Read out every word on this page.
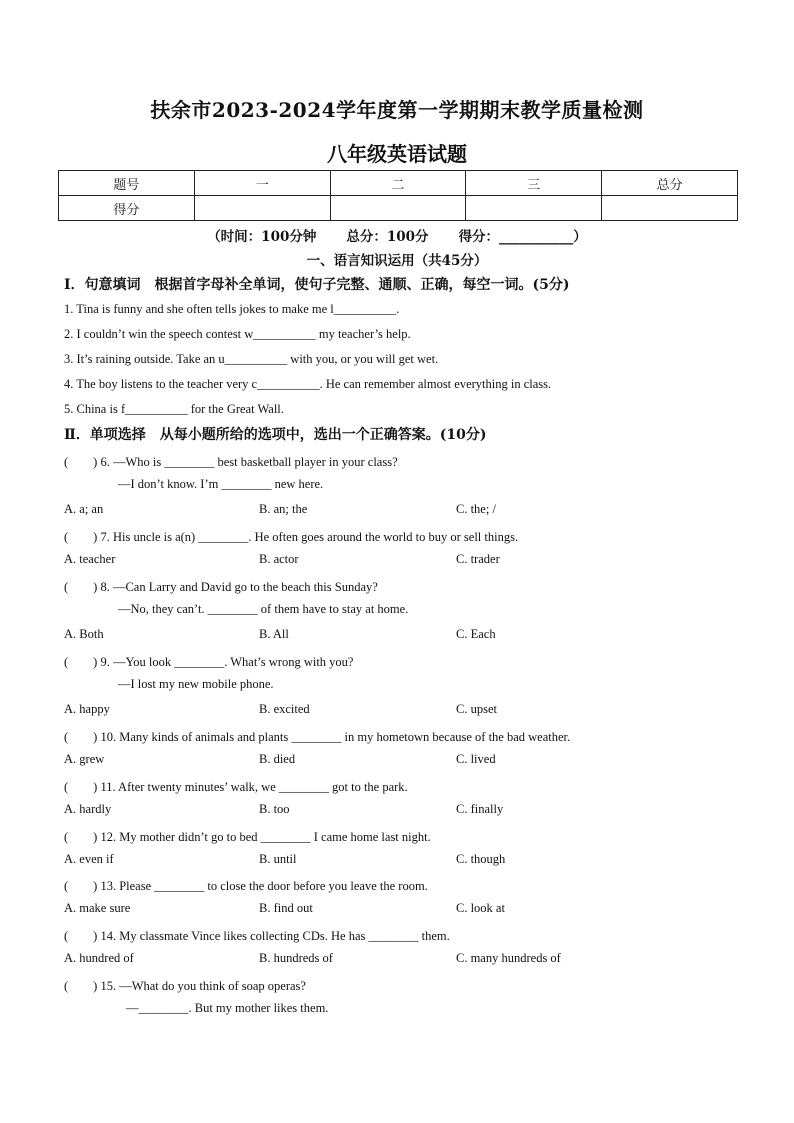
扶余市2023-2024学年度第一学期期末教学质量检测
八年级英语试题
题号	一	二	三	总分
得分				
（时间：100分钟 总分：100分 得分：___________）
一、语言知识运用（共45分）
Ⅰ．句意填词　根据首字母补全单词，使句子完整、通顺、正确，每空一词。(5分)
1. Tina is funny and she often tells jokes to make me l__________.
2. I couldn’t win the speech contest w__________ my teacher’s help.
3. It’s raining outside. Take an u__________ with you, or you will get wet.
4. The boy listens to the teacher very c__________. He can remember almost everything in class.
5. China is f__________ for the Great Wall.
Ⅱ．单项选择　从每小题所给的选项中，选出一个正确答案。(10分)
(　　) 6. —Who is ________ best basketball player in your class?
—I don’t know. I’m ________ new here.
A. a; an	B. an; the	C. the; /
(　　) 7. His uncle is a(n) ________. He often goes around the world to buy or sell things.
A. teacher	B. actor	C. trader
(　　) 8. —Can Larry and David go to the beach this Sunday?
—No, they can’t. ________ of them have to stay at home.
A. Both	B. All	C. Each
(　　) 9. —You look ________. What’s wrong with you?
—I lost my new mobile phone.
A. happy	B. excited	C. upset
(　　) 10. Many kinds of animals and plants ________ in my hometown because of the bad weather.
A. grew	B. died	C. lived
(　　) 11. After twenty minutes’ walk, we ________ got to the park.
A. hardly	B. too	C. finally
(　　) 12. My mother didn’t go to bed ________ I came home last night.
A. even if	B. until	C. though
(　　) 13. Please ________ to close the door before you leave the room.
A. make sure	B. find out	C. look at
(　　) 14. My classmate Vince likes collecting CDs. He has ________ them.
A. hundred of	B. hundreds of	C. many hundreds of
(　　) 15. —What do you think of soap operas?
—________. But my mother likes them.
